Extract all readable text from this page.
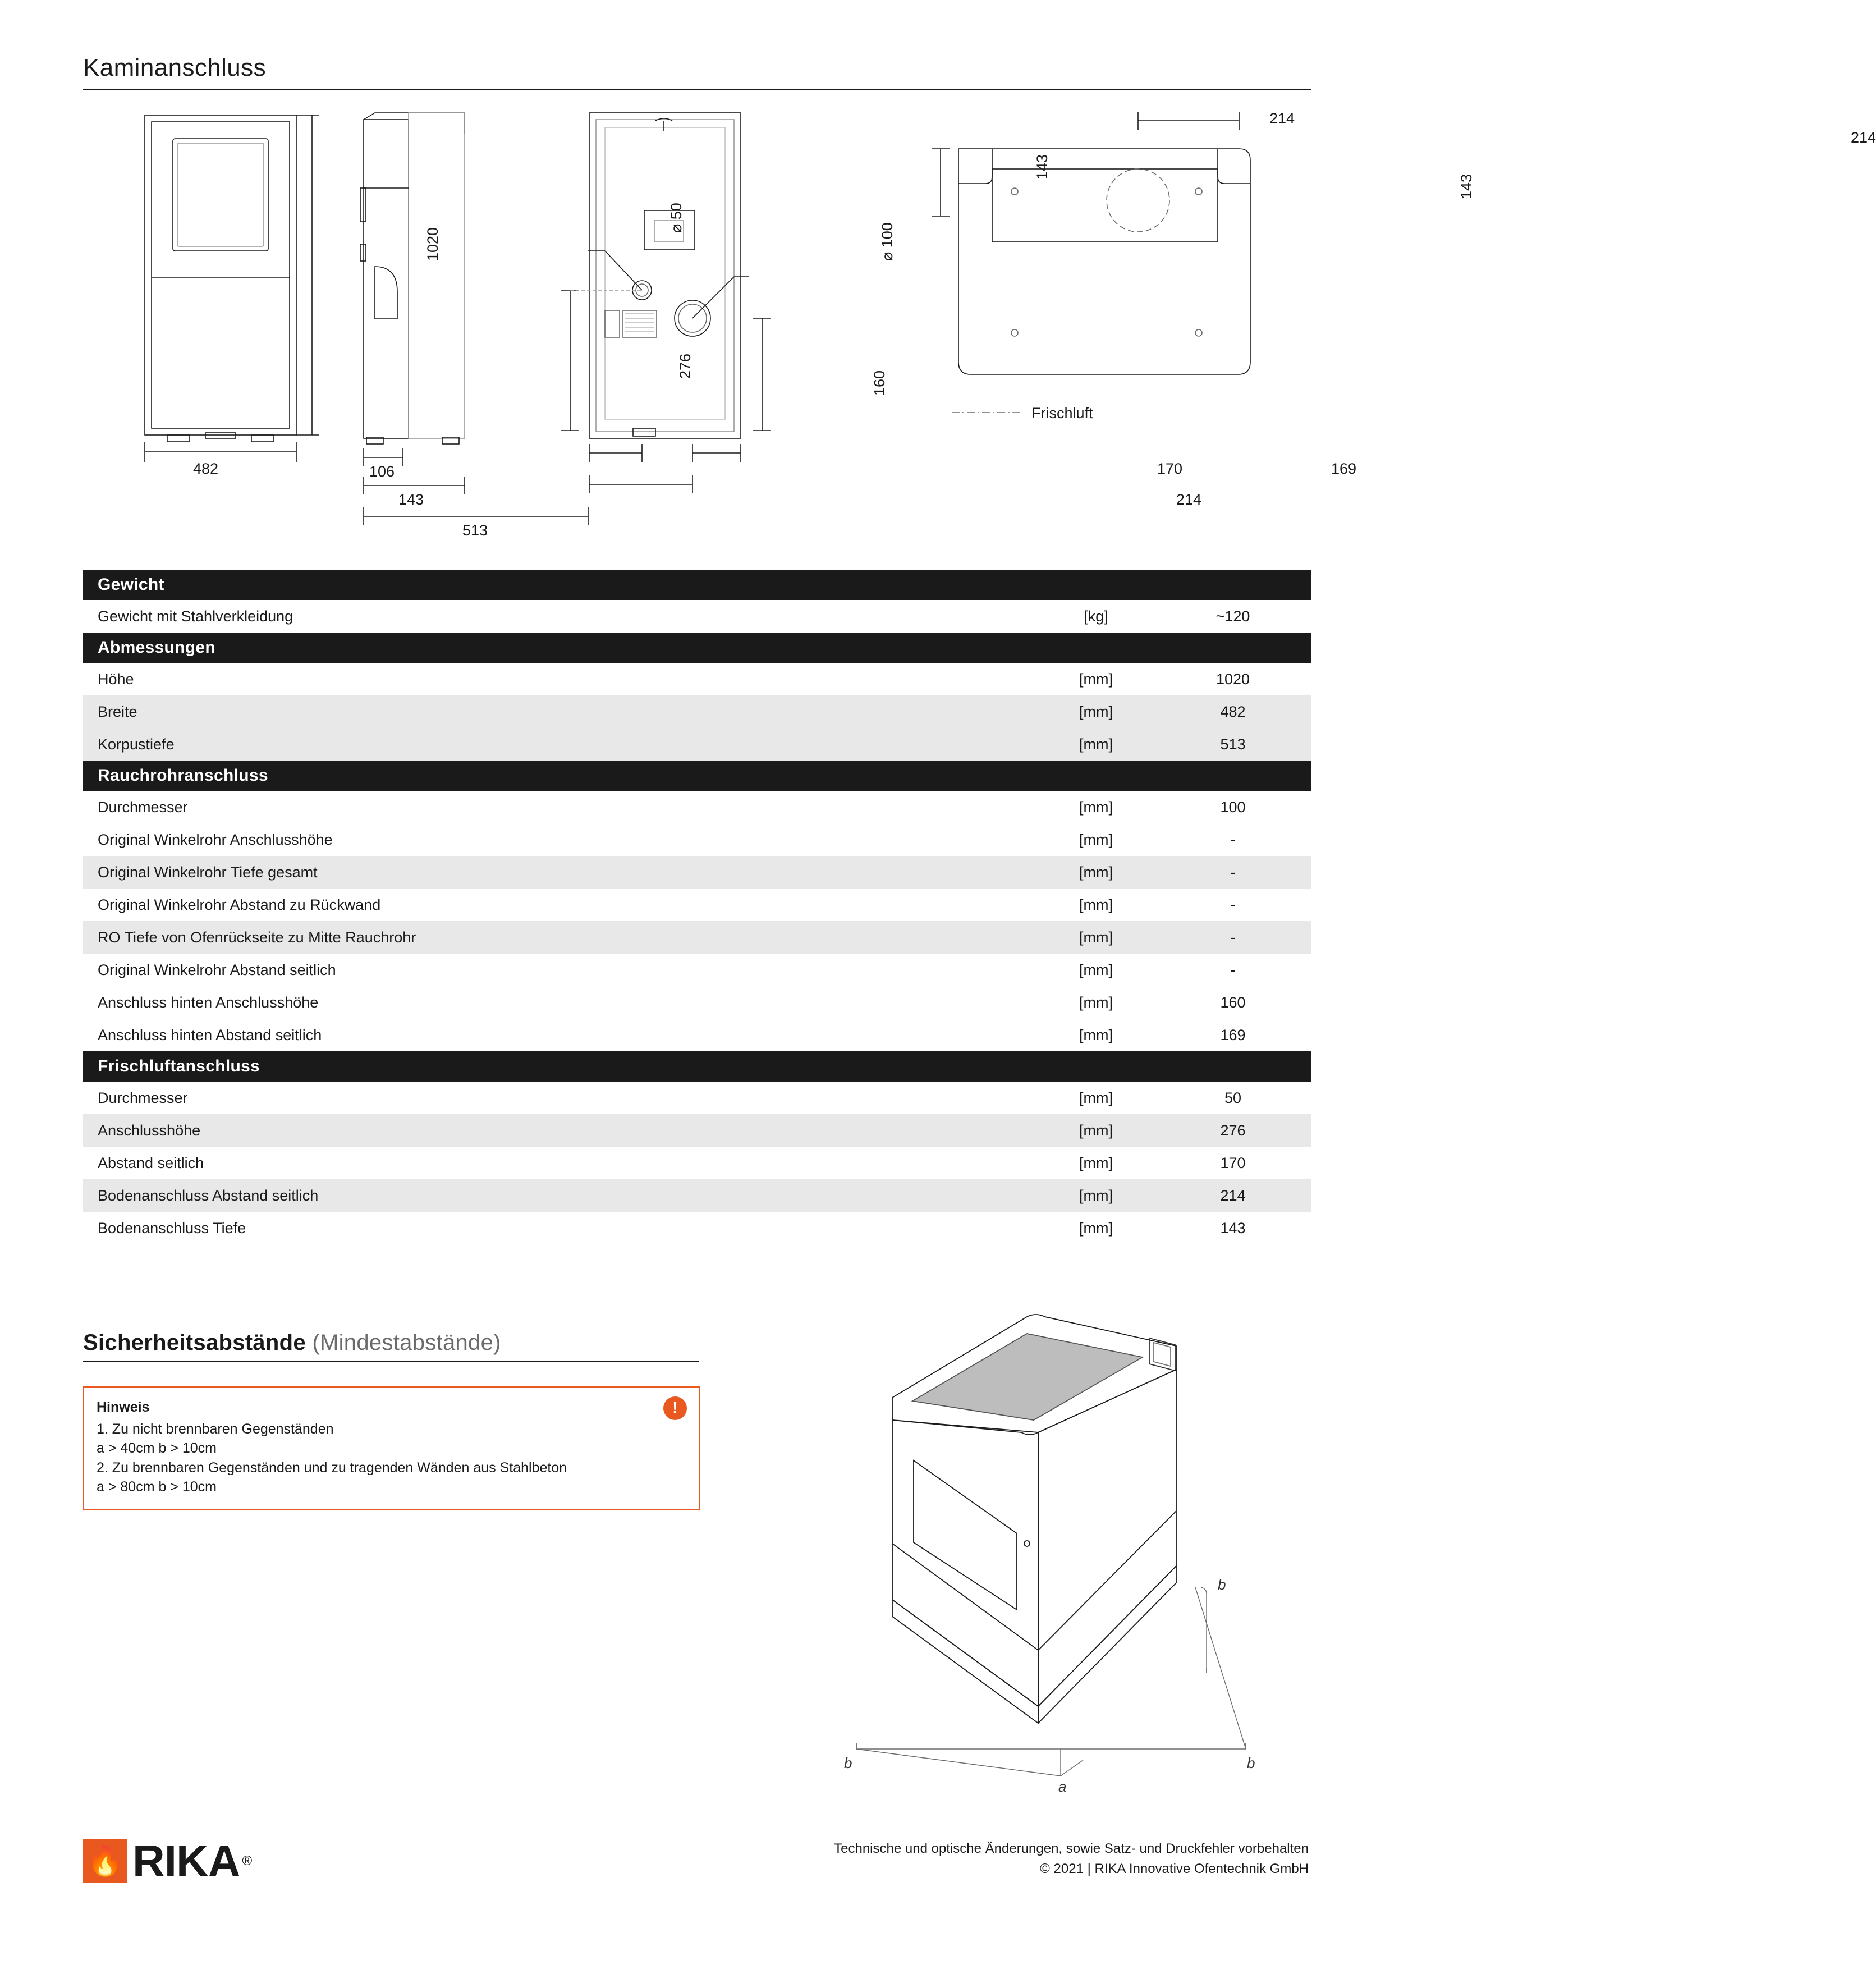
Kaminanschluss
1020
482	106
143
513
⌀ 50
⌀ 100
276
160
170	169
214
214
143
Frischluft
214
143
Gewicht		
Gewicht mit Stahlverkleidung	[kg]	~120
Abmessungen		
Höhe	[mm]	1020
Breite	[mm]	482
Korpustiefe	[mm]	513
Rauchrohranschluss		
Durchmesser	[mm]	100
Original Winkelrohr Anschlusshöhe	[mm]	-
Original Winkelrohr Tiefe gesamt	[mm]	-
Original Winkelrohr Abstand zu Rückwand	[mm]	-
RO Tiefe von Ofenrückseite zu Mitte Rauchrohr	[mm]	-
Original Winkelrohr Abstand seitlich	[mm]	-
Anschluss hinten Anschlusshöhe	[mm]	160
Anschluss hinten Abstand seitlich	[mm]	169
Frischluftanschluss		
Durchmesser	[mm]	50
Anschlusshöhe	[mm]	276
Abstand seitlich	[mm]	170
Bodenanschluss Abstand seitlich	[mm]	214
Bodenanschluss Tiefe	[mm]	143
Sicherheitsabstände (Mindestabstände)
!
Hinweis
1. Zu nicht brennbaren Gegenständen
a > 40cm b > 10cm
2. Zu brennbaren Gegenständen und zu tragenden Wänden aus Stahlbeton
a > 80cm b > 10cm
b
b	b
a
🔥 RIKA ®
Technische und optische Änderungen, sowie Satz- und Druckfehler vorbehalten
© 2021 | RIKA Innovative Ofentechnik GmbH
